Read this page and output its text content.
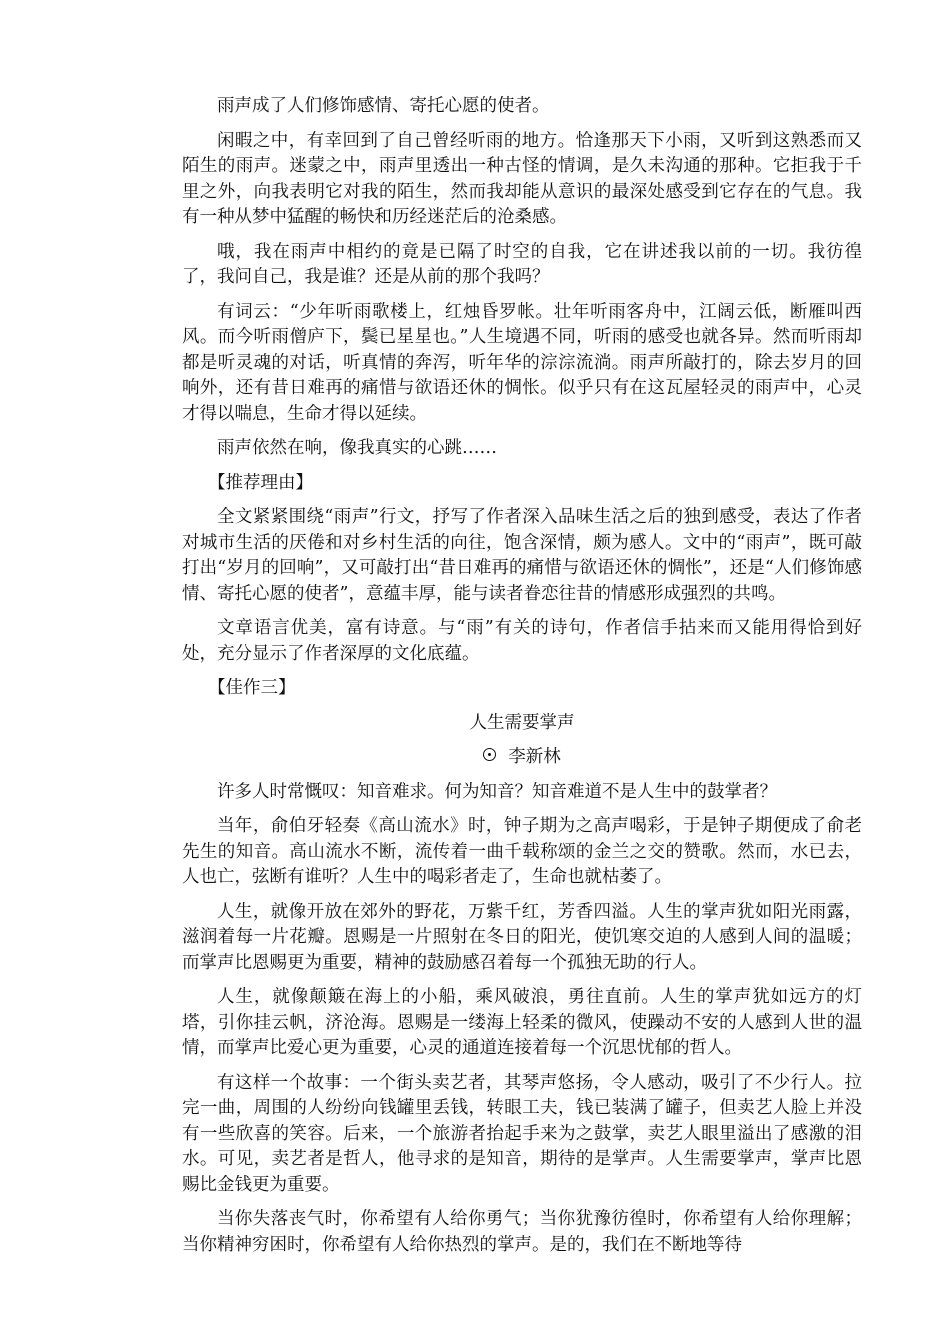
雨声成了人们修饰感情、寄托心愿的使者。

闲暇之中，有幸回到了自己曾经听雨的地方。恰逢那天下小雨，又听到这熟悉而又陌生的雨声。迷蒙之中，雨声里透出一种古怪的情调，是久未沟通的那种。它拒我于千里之外，向我表明它对我的陌生，然而我却能从意识的最深处感受到它存在的气息。我有一种从梦中猛醒的畅快和历经迷茫后的沧桑感。

哦，我在雨声中相约的竟是已隔了时空的自我，它在讲述我以前的一切。我彷徨了，我问自己，我是谁？还是从前的那个我吗？

有词云：“少年听雨歌楼上，红烛昏罗帐。壮年听雨客舟中，江阔云低，断雁叫西风。而今听雨僧庐下，鬓已星星也。”人生境遇不同，听雨的感受也就各异。然而听雨却都是听灵魂的对话，听真情的奔泻，听年华的淙淙流淌。雨声所敲打的，除去岁月的回响外，还有昔日难再的痛惜与欲语还休的惆怅。似乎只有在这瓦屋轻灵的雨声中，心灵才得以喘息，生命才得以延续。

雨声依然在响，像我真实的心跳……

【推荐理由】

全文紧紧围绕“雨声”行文，抒写了作者深入品味生活之后的独到感受，表达了作者对城市生活的厌倦和对乡村生活的向往，饱含深情，颇为感人。文中的“雨声”，既可敲打出“岁月的回响”，又可敲打出“昔日难再的痛惜与欲语还休的惆怅”，还是“人们修饰感情、寄托心愿的使者”，意蕴丰厚，能与读者眷恋往昔的情感形成强烈的共鸣。

文章语言优美，富有诗意。与“雨”有关的诗句，作者信手拈来而又能用得恰到好处，充分显示了作者深厚的文化底蕴。

【佳作三】

人生需要掌声

李新林

许多人时常慨叹：知音难求。何为知音？知音难道不是人生中的鼓掌者？

当年，俞伯牙轻奏《高山流水》时，钟子期为之高声喝彩，于是钟子期便成了俞老先生的知音。高山流水不断，流传着一曲千载称颂的金兰之交的赞歌。然而，水已去，人也亡，弦断有谁听？人生中的喝彩者走了，生命也就枯萎了。

人生，就像开放在郊外的野花，万紫千红，芳香四溢。人生的掌声犹如阳光雨露，滋润着每一片花瓣。恩赐是一片照射在冬日的阳光，使饥寒交迫的人感到人间的温暖；而掌声比恩赐更为重要，精神的鼓励感召着每一个孤独无助的行人。

人生，就像颠簸在海上的小船，乘风破浪，勇往直前。人生的掌声犹如远方的灯塔，引你挂云帆，济沧海。恩赐是一缕海上轻柔的微风，使躁动不安的人感到人世的温情，而掌声比爱心更为重要，心灵的通道连接着每一个沉思忧郁的哲人。

有这样一个故事：一个街头卖艺者，其琴声悠扬，令人感动，吸引了不少行人。拉完一曲，周围的人纷纷向钱罐里丢钱，转眼工夫，钱已装满了罐子，但卖艺人脸上并没有一些欣喜的笑容。后来，一个旅游者抬起手来为之鼓掌，卖艺人眼里溢出了感激的泪水。可见，卖艺者是哲人，他寻求的是知音，期待的是掌声。人生需要掌声，掌声比恩赐比金钱更为重要。

当你失落丧气时，你希望有人给你勇气；当你犹豫彷徨时，你希望有人给你理解；当你精神穷困时，你希望有人给你热烈的掌声。是的，我们在不断地等待
